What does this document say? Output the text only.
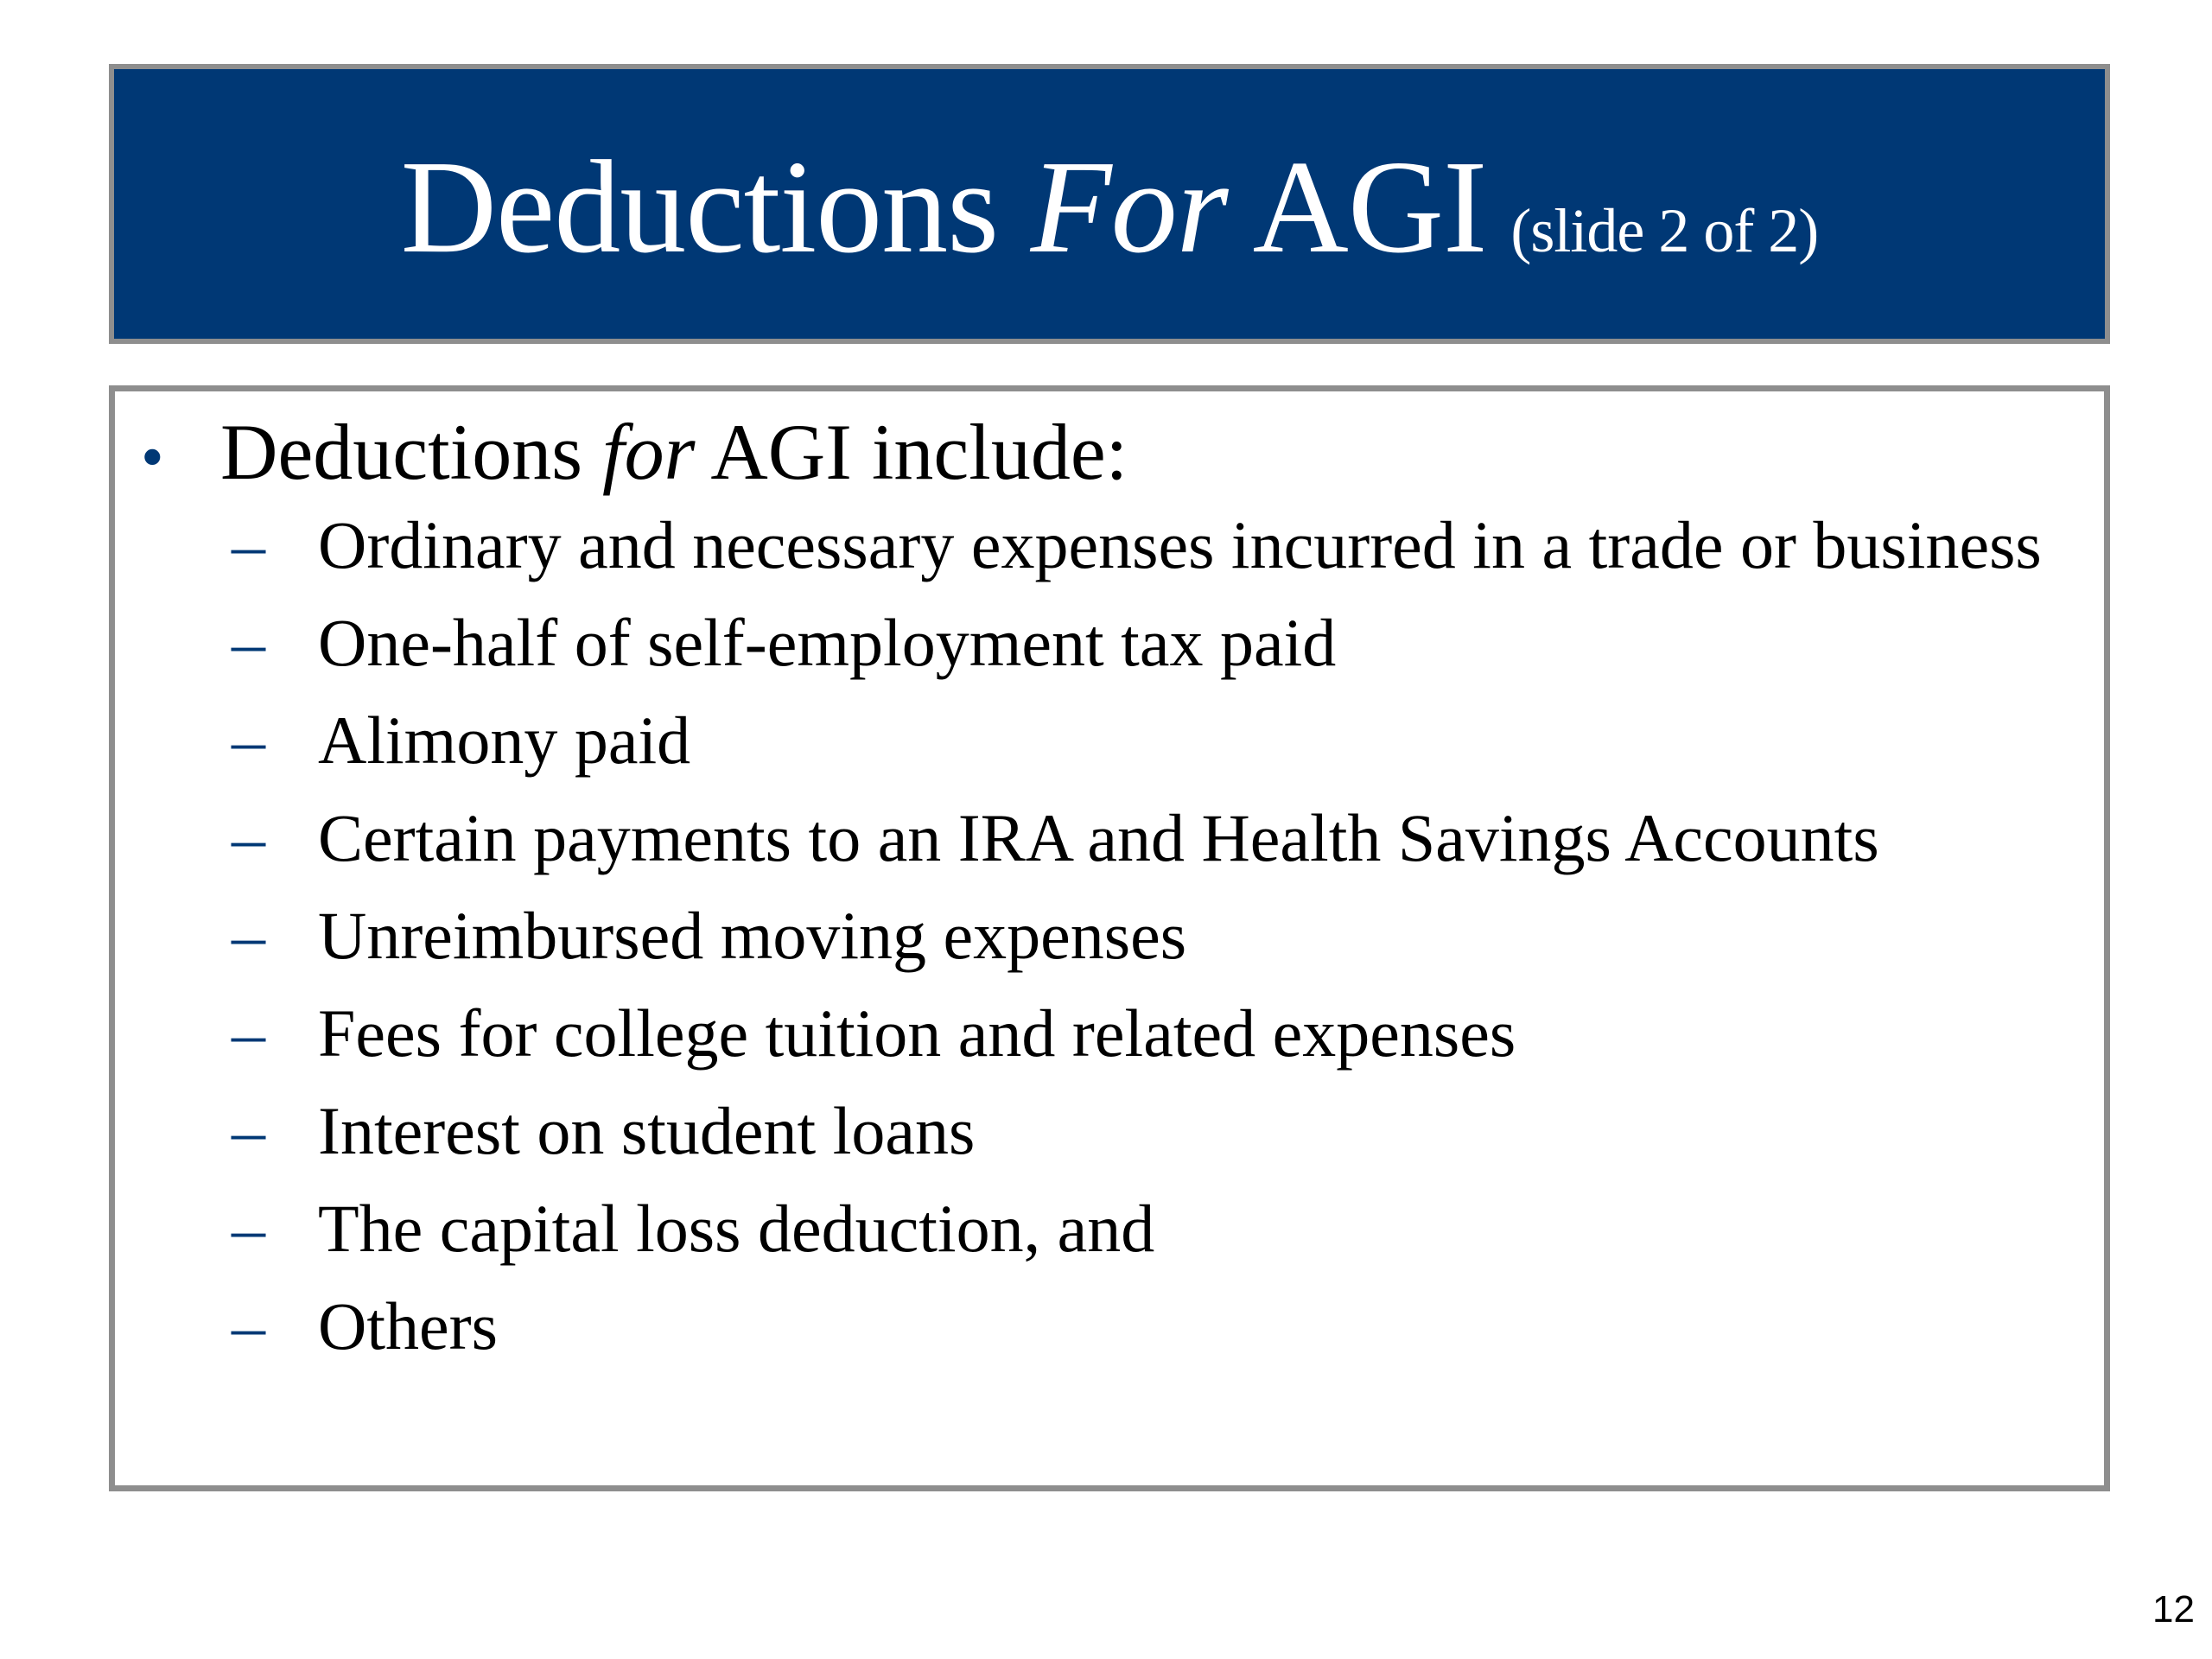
Deductions For AGI (slide 2 of 2)
• Deductions for AGI include:
– Ordinary and necessary expenses incurred in a trade or business
– One-half of self-employment tax paid
– Alimony paid
– Certain payments to an IRA and Health Savings Accounts
– Unreimbursed moving expenses
– Fees for college tuition and related expenses
– Interest on student loans
– The capital loss deduction, and
– Others
12
